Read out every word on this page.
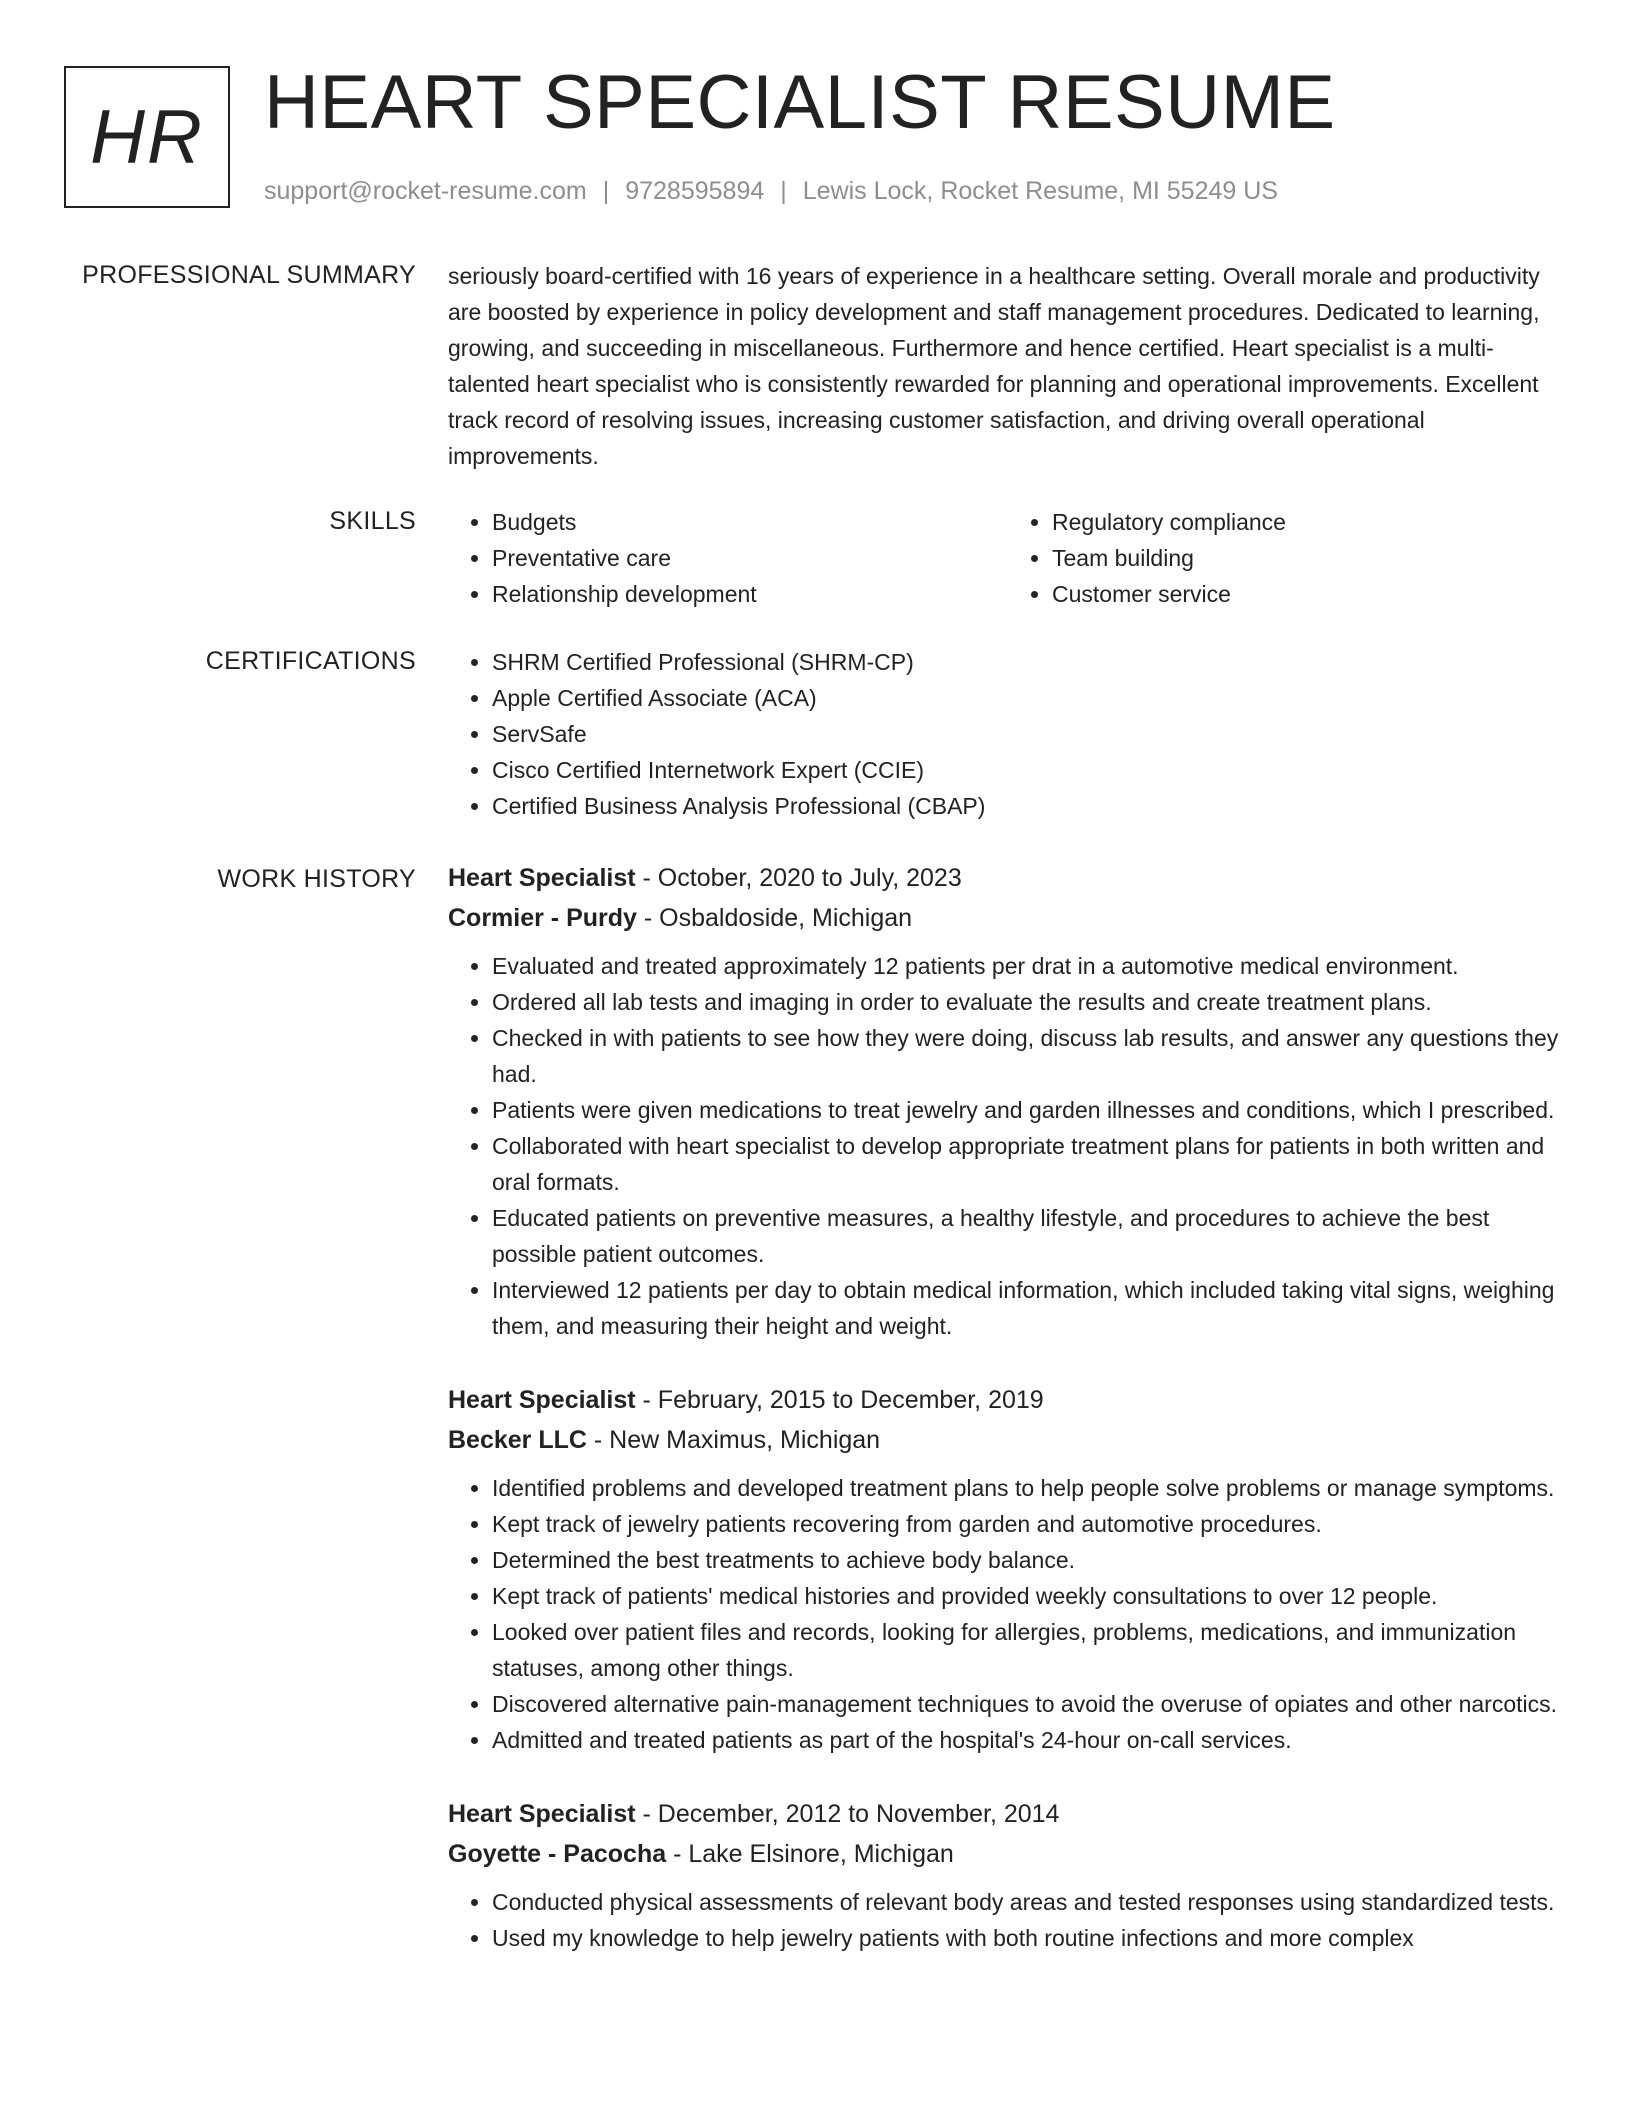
HR HEART SPECIALIST RESUME
support@rocket-resume.com | 9728595894 | Lewis Lock, Rocket Resume, MI 55249 US
PROFESSIONAL SUMMARY seriously board-certified with 16 years of experience in a healthcare setting. Overall morale and productivity are boosted by experience in policy development and staff management procedures. Dedicated to learning, growing, and succeeding in miscellaneous. Furthermore and hence certified. Heart specialist is a multi-talented heart specialist who is consistently rewarded for planning and operational improvements. Excellent track record of resolving issues, increasing customer satisfaction, and driving overall operational improvements.

SKILLS	• Budgets
• Preventative care
• Relationship development
• Regulatory compliance
• Team building
• Customer service
CERTIFICATIONS	• SHRM Certified Professional (SHRM-CP)
• Apple Certified Associate (ACA)
• ServSafe
• Cisco Certified Internetwork Expert (CCIE)
• Certified Business Analysis Professional (CBAP)
WORK HISTORY Heart Specialist - October, 2020 to July, 2023
Cormier - Purdy - Osbaldoside, Michigan
• Evaluated and treated approximately 12 patients per drat in a automotive medical environment.
• Ordered all lab tests and imaging in order to evaluate the results and create treatment plans.
• Checked in with patients to see how they were doing, discuss lab results, and answer any questions they had.
• Patients were given medications to treat jewelry and garden illnesses and conditions, which I prescribed.
• Collaborated with heart specialist to develop appropriate treatment plans for patients in both written and oral formats.
• Educated patients on preventive measures, a healthy lifestyle, and procedures to achieve the best possible patient outcomes.
• Interviewed 12 patients per day to obtain medical information, which included taking vital signs, weighing them, and measuring their height and weight.
Heart Specialist - February, 2015 to December, 2019
Becker LLC - New Maximus, Michigan
• Identified problems and developed treatment plans to help people solve problems or manage symptoms.
• Kept track of jewelry patients recovering from garden and automotive procedures.
• Determined the best treatments to achieve body balance.
• Kept track of patients' medical histories and provided weekly consultations to over 12 people.
• Looked over patient files and records, looking for allergies, problems, medications, and immunization statuses, among other things.
• Discovered alternative pain-management techniques to avoid the overuse of opiates and other narcotics.
• Admitted and treated patients as part of the hospital's 24-hour on-call services.
Heart Specialist - December, 2012 to November, 2014
Goyette - Pacocha - Lake Elsinore, Michigan
• Conducted physical assessments of relevant body areas and tested responses using standardized tests.
• Used my knowledge to help jewelry patients with both routine infections and more complex
